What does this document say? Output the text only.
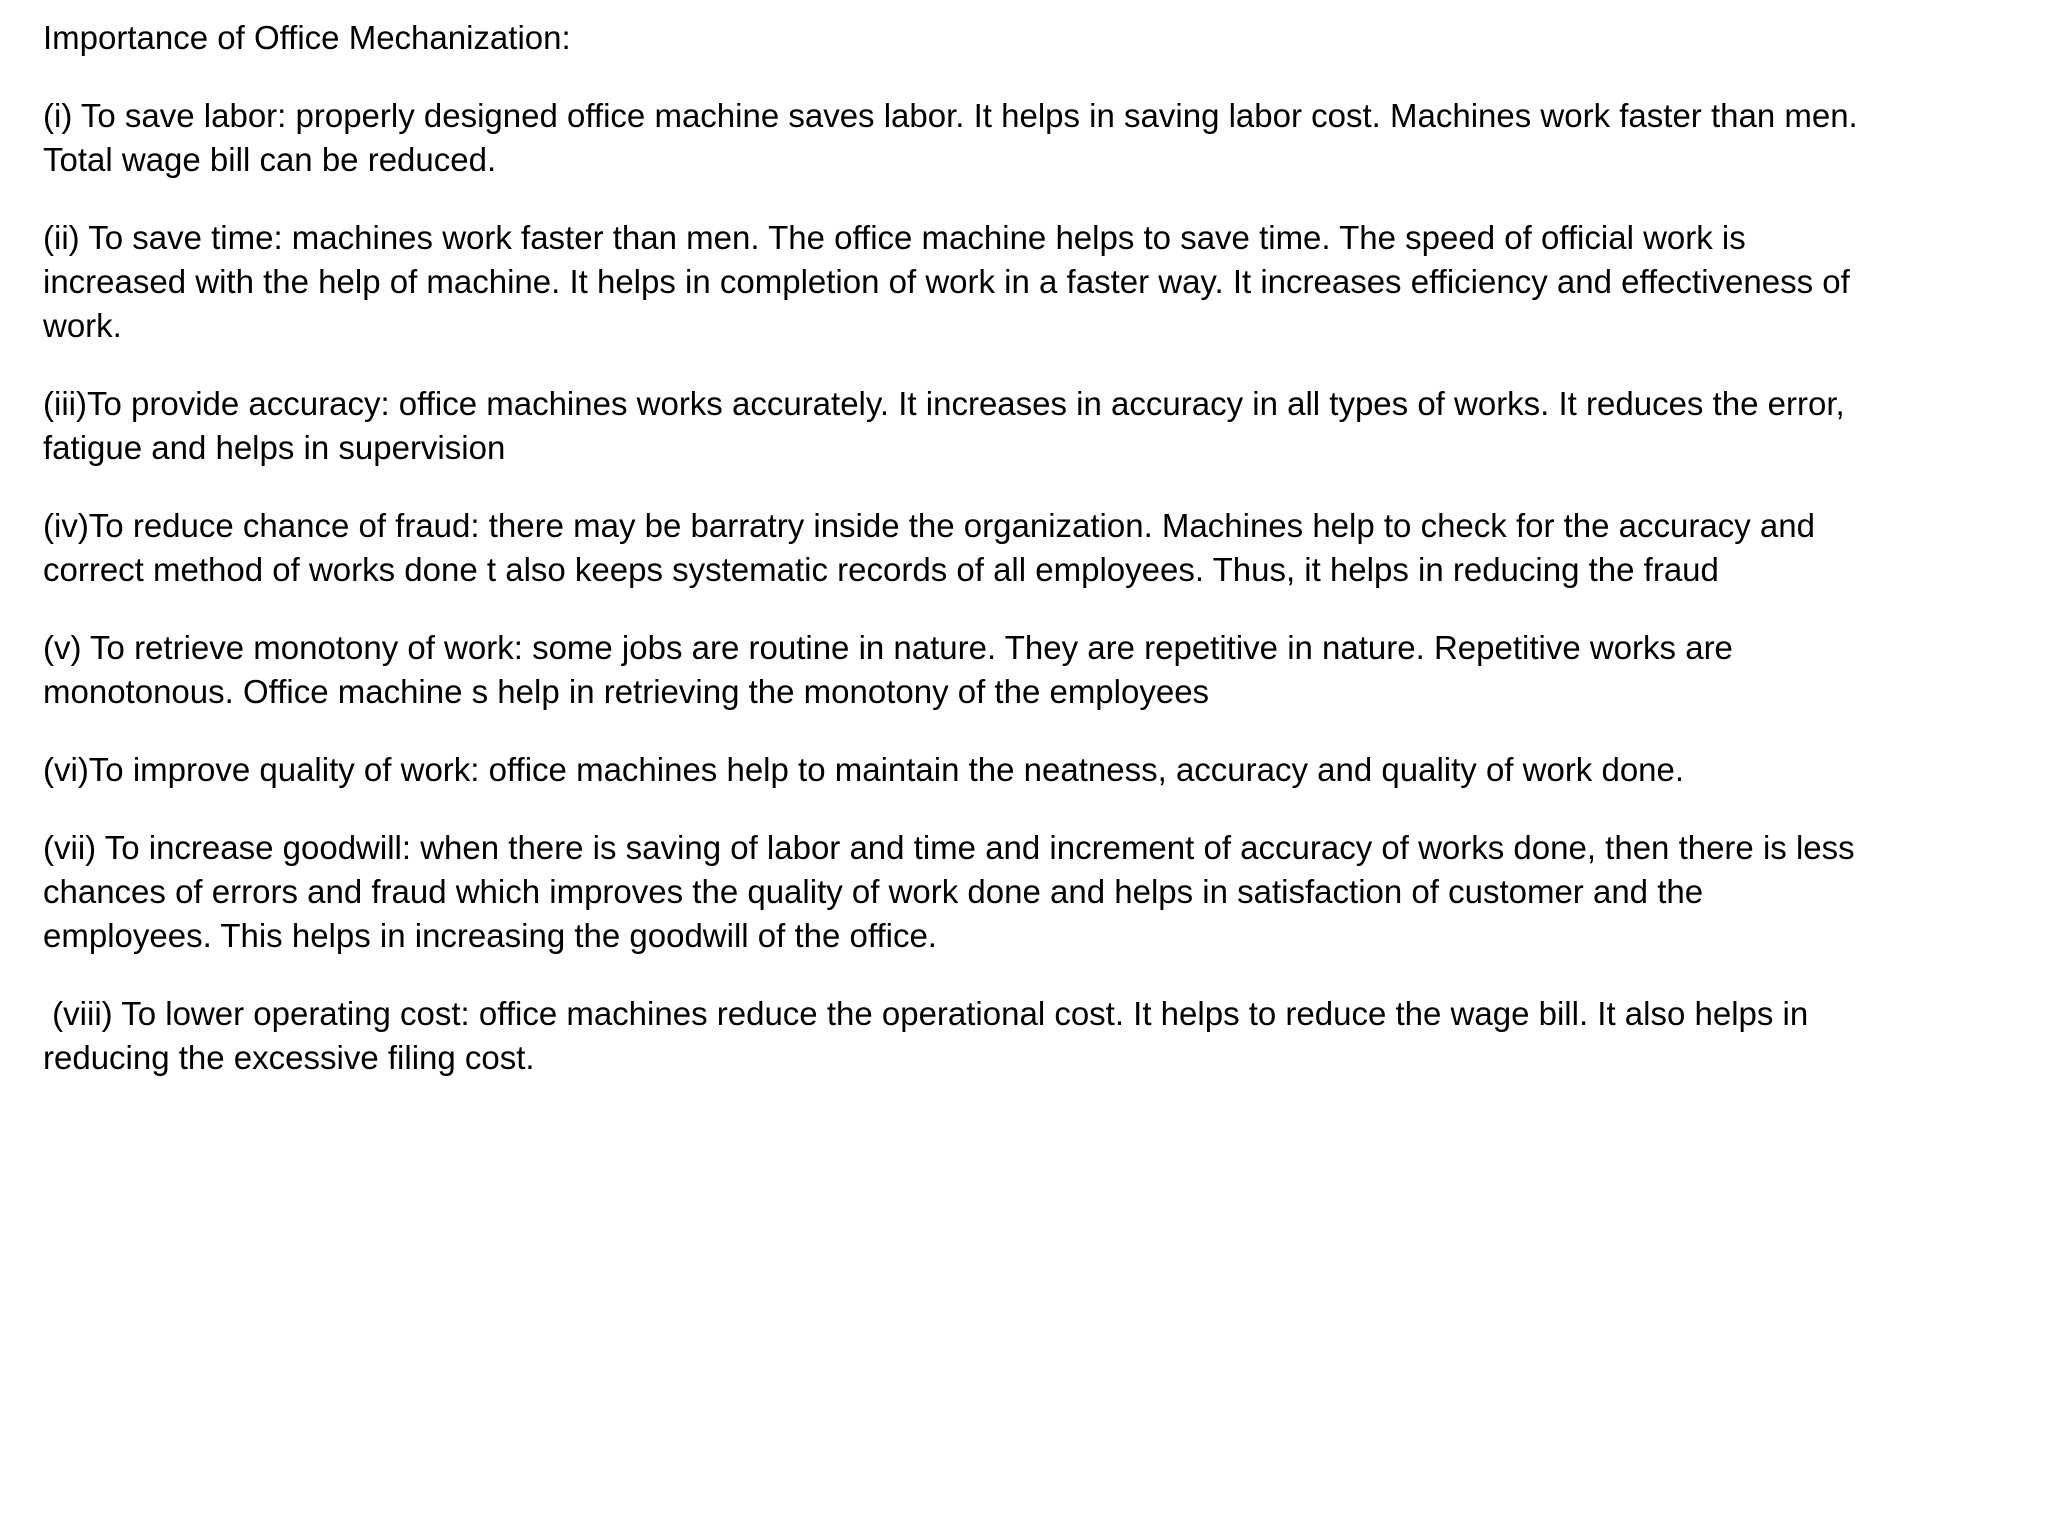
Importance of Office Mechanization:

(i) To save labor: properly designed office machine saves labor. It helps in saving labor cost. Machines work faster than men.
Total wage bill can be reduced.

(ii) To save time: machines work faster than men. The office machine helps to save time. The speed of official work is
increased with the help of machine. It helps in completion of work in a faster way. It increases efficiency and effectiveness of
work.

(iii)To provide accuracy: office machines works accurately. It increases in accuracy in all types of works. It reduces the error,
fatigue and helps in supervision

(iv)To reduce chance of fraud: there may be barratry inside the organization. Machines help to check for the accuracy and
correct method of works done t also keeps systematic records of all employees. Thus, it helps in reducing the fraud

(v) To retrieve monotony of work: some jobs are routine in nature. They are repetitive in nature. Repetitive works are
monotonous. Office machine s help in retrieving the monotony of the employees

(vi)To improve quality of work: office machines help to maintain the neatness, accuracy and quality of work done.

(vii) To increase goodwill: when there is saving of labor and time and increment of accuracy of works done, then there is less
chances of errors and fraud which improves the quality of work done and helps in satisfaction of customer and the
employees. This helps in increasing the goodwill of the office.

(viii) To lower operating cost: office machines reduce the operational cost. It helps to reduce the wage bill. It also helps in
reducing the excessive filing cost.
